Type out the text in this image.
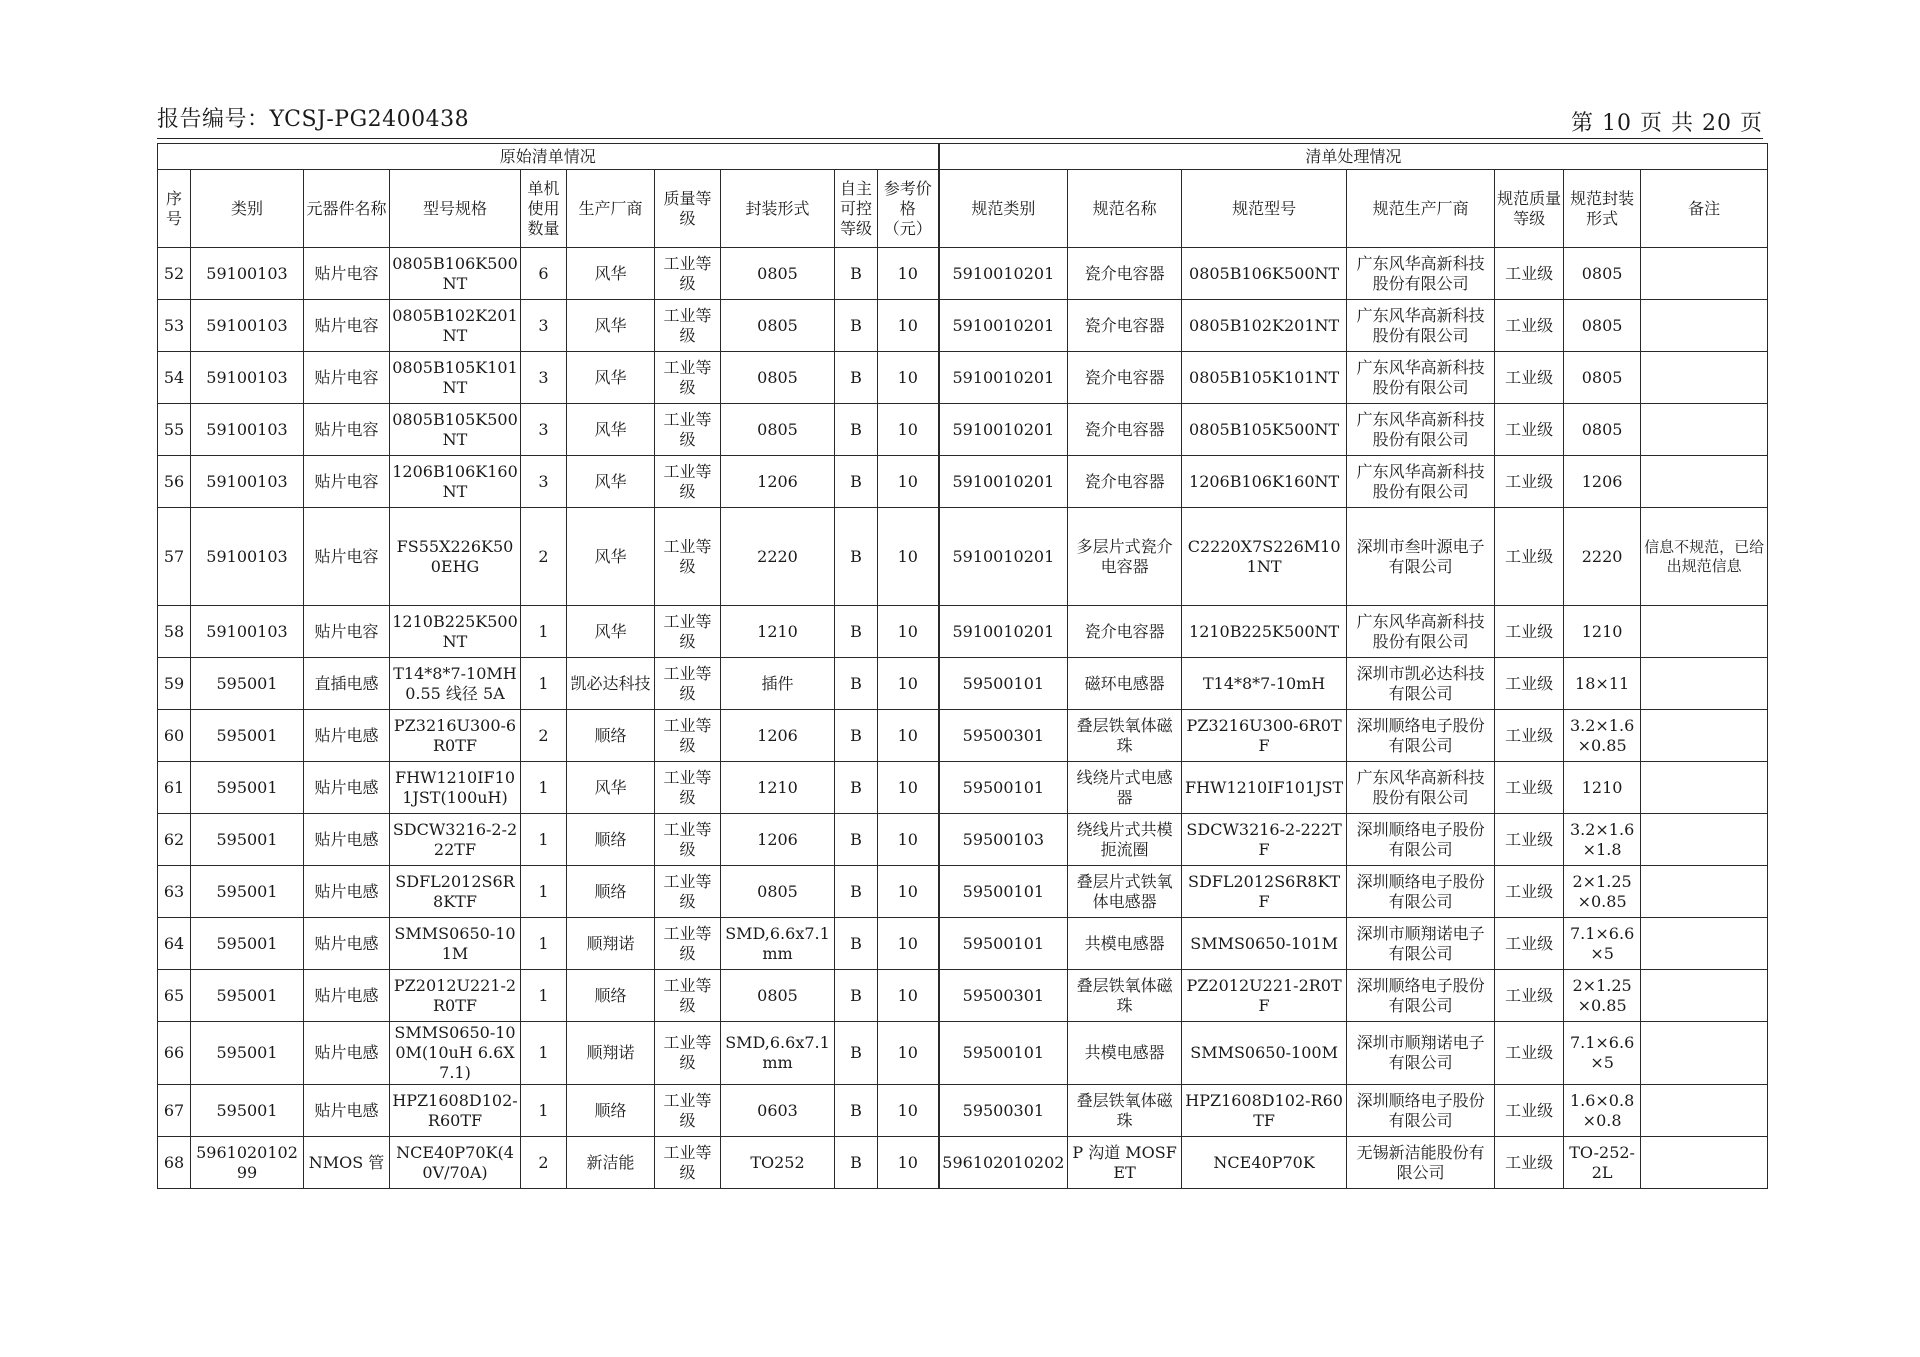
报告编号：YCSJ-PG2400438	第 10 页 共 20 页
原始清单情况										清单处理情况						
序号	类别	元器件名称	型号规格	单机使用数量	生产厂商	质量等级	封装形式	自主可控等级	参考价格（元）	规范类别	规范名称	规范型号	规范生产厂商	规范质量等级	规范封装形式	备注
52	59100103	贴片电容	0805B106K500NT	6	风华	工业等级	0805	B	10	5910010201	瓷介电容器	0805B106K500NT	广东风华高新科技股份有限公司	工业级	0805	
53	59100103	贴片电容	0805B102K201NT	3	风华	工业等级	0805	B	10	5910010201	瓷介电容器	0805B102K201NT	广东风华高新科技股份有限公司	工业级	0805	
54	59100103	贴片电容	0805B105K101NT	3	风华	工业等级	0805	B	10	5910010201	瓷介电容器	0805B105K101NT	广东风华高新科技股份有限公司	工业级	0805	
55	59100103	贴片电容	0805B105K500NT	3	风华	工业等级	0805	B	10	5910010201	瓷介电容器	0805B105K500NT	广东风华高新科技股份有限公司	工业级	0805	
56	59100103	贴片电容	1206B106K160NT	3	风华	工业等级	1206	B	10	5910010201	瓷介电容器	1206B106K160NT	广东风华高新科技股份有限公司	工业级	1206	
57	59100103	贴片电容	FS55X226K500EHG	2	风华	工业等级	2220	B	10	5910010201	多层片式瓷介电容器	C2220X7S226M101NT	深圳市叁叶源电子有限公司	工业级	2220	信息不规范，已给出规范信息
58	59100103	贴片电容	1210B225K500NT	1	风华	工业等级	1210	B	10	5910010201	瓷介电容器	1210B225K500NT	广东风华高新科技股份有限公司	工业级	1210	
59	595001	直插电感	T14*8*7-10MH0.55 线径 5A	1	凯必达科技	工业等级	插件	B	10	59500101	磁环电感器	T14*8*7-10mH	深圳市凯必达科技有限公司	工业级	18×11	
60	595001	贴片电感	PZ3216U300-6R0TF	2	顺络	工业等级	1206	B	10	59500301	叠层铁氧体磁珠	PZ3216U300-6R0TF	深圳顺络电子股份有限公司	工业级	3.2×1.6×0.85	
61	595001	贴片电感	FHW1210IF101JST(100uH)	1	风华	工业等级	1210	B	10	59500101	线绕片式电感器	FHW1210IF101JST	广东风华高新科技股份有限公司	工业级	1210	
62	595001	贴片电感	SDCW3216-2-222TF	1	顺络	工业等级	1206	B	10	59500103	绕线片式共模扼流圈	SDCW3216-2-222TF	深圳顺络电子股份有限公司	工业级	3.2×1.6×1.8	
63	595001	贴片电感	SDFL2012S6R8KTF	1	顺络	工业等级	0805	B	10	59500101	叠层片式铁氧体电感器	SDFL2012S6R8KTF	深圳顺络电子股份有限公司	工业级	2×1.25×0.85	
64	595001	贴片电感	SMMS0650-101M	1	顺翔诺	工业等级	SMD,6.6x7.1 mm	B	10	59500101	共模电感器	SMMS0650-101M	深圳市顺翔诺电子有限公司	工业级	7.1×6.6×5	
65	595001	贴片电感	PZ2012U221-2R0TF	1	顺络	工业等级	0805	B	10	59500301	叠层铁氧体磁珠	PZ2012U221-2R0TF	深圳顺络电子股份有限公司	工业级	2×1.25×0.85	
66	595001	贴片电感	SMMS0650-100M(10uH 6.6X7.1)	1	顺翔诺	工业等级	SMD,6.6x7.1 mm	B	10	59500101	共模电感器	SMMS0650-100M	深圳市顺翔诺电子有限公司	工业级	7.1×6.6×5	
67	595001	贴片电感	HPZ1608D102-R60TF	1	顺络	工业等级	0603	B	10	59500301	叠层铁氧体磁珠	HPZ1608D102-R60TF	深圳顺络电子股份有限公司	工业级	1.6×0.8×0.8	
68	596102010299	NMOS 管	NCE40P70K(40V/70A)	2	新洁能	工业等级	TO252	B	10	596102010202	P 沟道 MOSFET	NCE40P70K	无锡新洁能股份有限公司	工业级	TO-252-2L	
